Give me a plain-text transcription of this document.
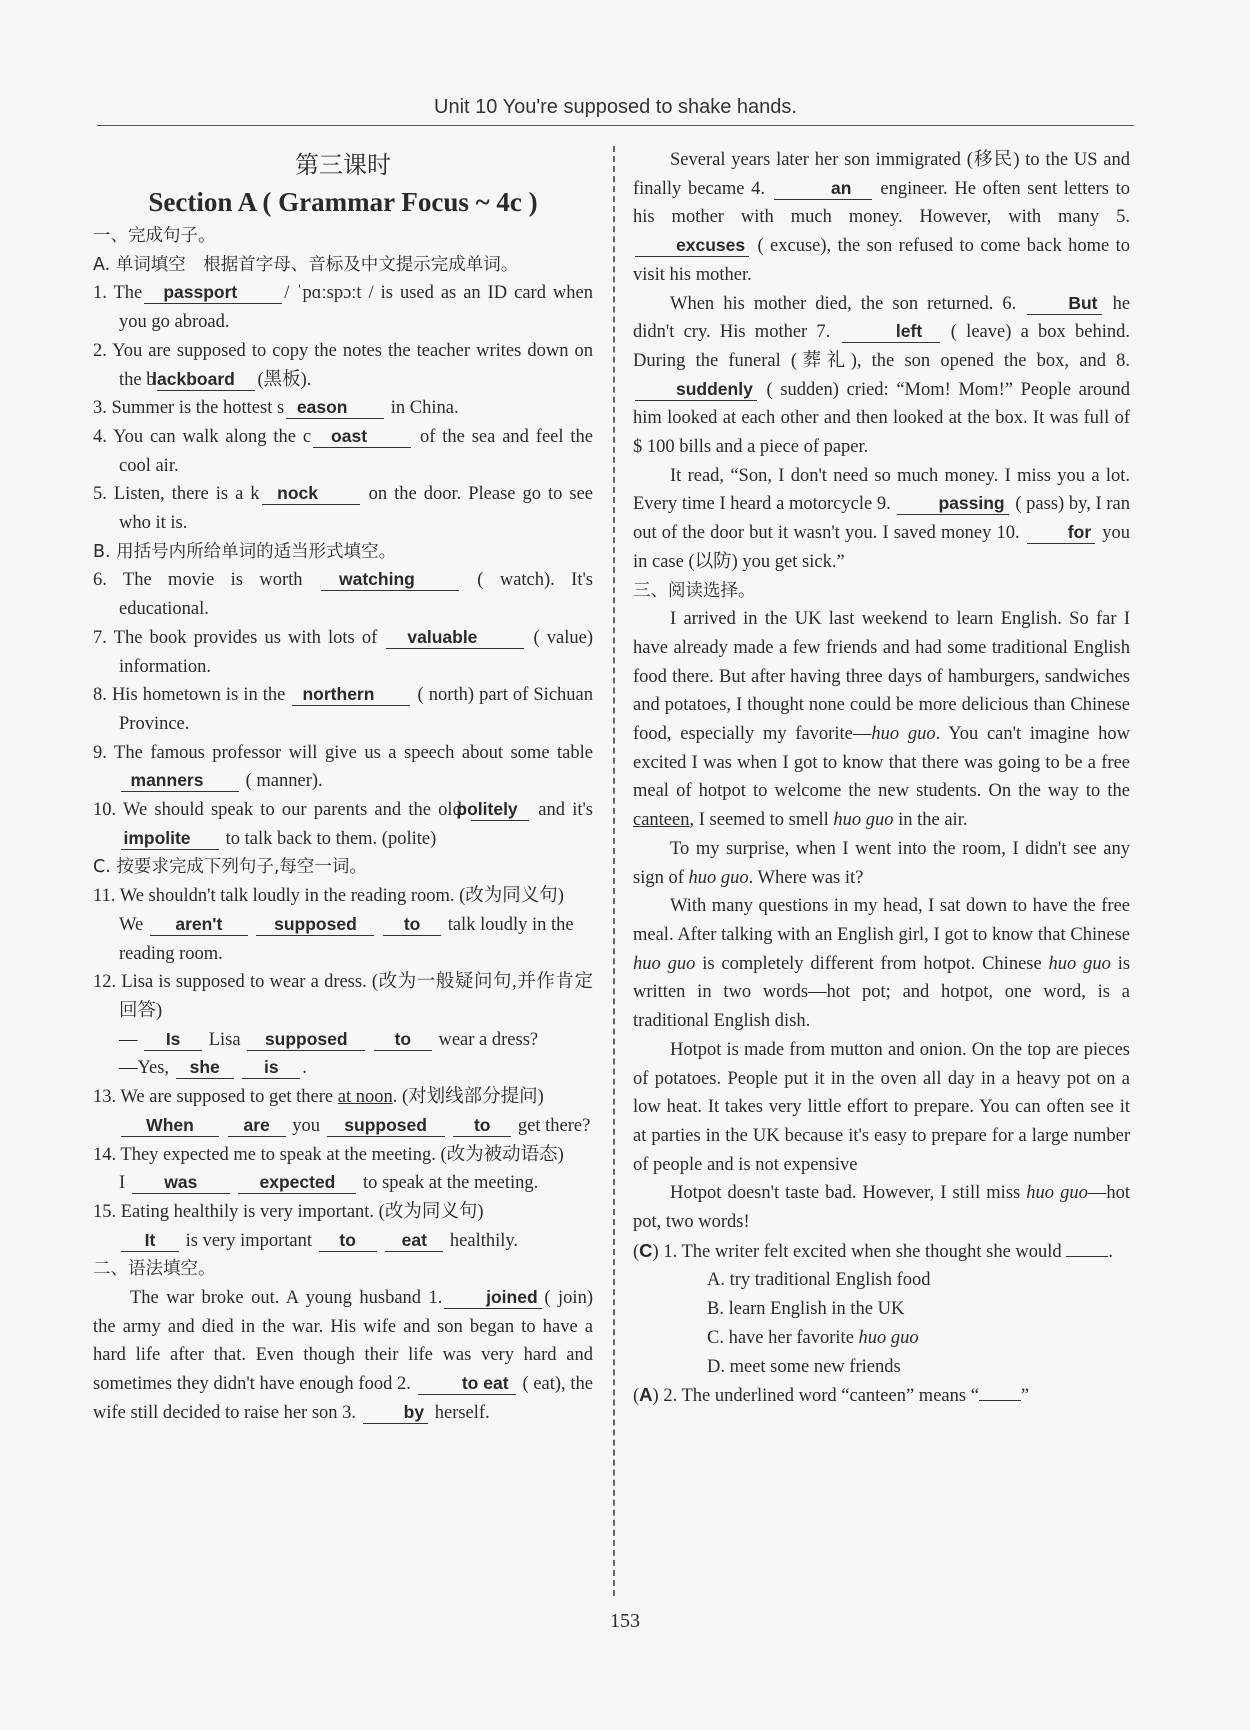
Unit 10 You're supposed to shake hands.
第三课时
Section A ( Grammar Focus ~ 4c )
一、完成句子。
A. 单词填空　根据首字母、音标及中文提示完成单词。
1. The passport	/ ˈpɑːspɔːt / is used as an ID card when you go abroad.
2. You are supposed to copy the notes the teacher writes down on the blackboard (黑板).
3. Summer is the hottest s eason in China.
4. You can walk along the c oast	of the sea and feel the cool air.
5. Listen, there is a k nock	on the door. Please go to see who it is.
B. 用括号内所给单词的适当形式填空。
6. The movie is worth watching	( watch). It's educational.
7. The book provides us with lots of valuable	( value) information.
8. His hometown is in the northern ( north) part of Sichuan Province.
9. The famous professor will give us a speech about some table manners ( manner).
10. We should speak to our parents and the old politely and it's impolite to talk back to them. (polite)
C. 按要求完成下列句子,每空一词。
11. We shouldn't talk loudly in the reading room. (改为同义句)
We aren't	supposed	to talk loudly in the reading room.
12. Lisa is supposed to wear a dress. (改为一般疑问句,并作肯定回答)
— Is Lisa supposed	to wear a dress?
—Yes, she	is .
13. We are supposed to get there at noon. (对划线部分提问)
When	are you supposed	to get there?
14. They expected me to speak at the meeting. (改为被动语态)
I was	expected to speak at the meeting.
15. Eating healthily is very important. (改为同义句)
It is very important to	eat healthily.
二、语法填空。
The war broke out. A young husband 1. joined ( join) the army and died in the war. His wife and son began to have a hard life after that. Even though their life was very hard and sometimes they didn't have enough food 2.	to eat ( eat), the wife still decided to raise her son 3.	by herself.
Several years later her son immigrated (移民) to the US and finally became 4.	an engineer. He often sent letters to his mother with much money. However, with many 5. excuses ( excuse), the son refused to come back home to visit his mother.
When his mother died, the son returned. 6.	But he didn't cry. His mother 7.	left ( leave) a box behind. During the funeral (葬礼), the son opened the box, and 8. suddenly ( sudden) cried: “Mom! Mom!” People around him looked at each other and then looked at the box. It was full of $ 100 bills and a piece of paper.
It read, “Son, I don't need so much money. I miss you a lot. Every time I heard a motorcycle 9.	passing ( pass) by, I ran out of the door but it wasn't you. I saved money 10.	for you in case (以防) you get sick.”
三、阅读选择。
I arrived in the UK last weekend to learn English. So far I have already made a few friends and had some traditional English food there. But after having three days of hamburgers, sandwiches and potatoes, I thought none could be more delicious than Chinese food, especially my favorite—huo guo. You can't imagine how excited I was when I got to know that there was going to be a free meal of hotpot to welcome the new students. On the way to the canteen, I seemed to smell huo guo in the air.
To my surprise, when I went into the room, I didn't see any sign of huo guo. Where was it?
With many questions in my head, I sat down to have the free meal. After talking with an English girl, I got to know that Chinese huo guo is completely different from hotpot. Chinese huo guo is written in two words—hot pot; and hotpot, one word, is a traditional English dish.
Hotpot is made from mutton and onion. On the top are pieces of potatoes. People put it in the oven all day in a heavy pot on a low heat. It takes very little effort to prepare. You can often see it at parties in the UK because it's easy to prepare for a large number of people and is not expensive
Hotpot doesn't taste bad. However, I still miss huo guo—hot pot, two words!
(C) 1. The writer felt excited when she thought she would	.
A. try traditional English food
B. learn English in the UK
C. have her favorite huo guo
D. meet some new friends
(A) 2. The underlined word “canteen” means “ ”
153
